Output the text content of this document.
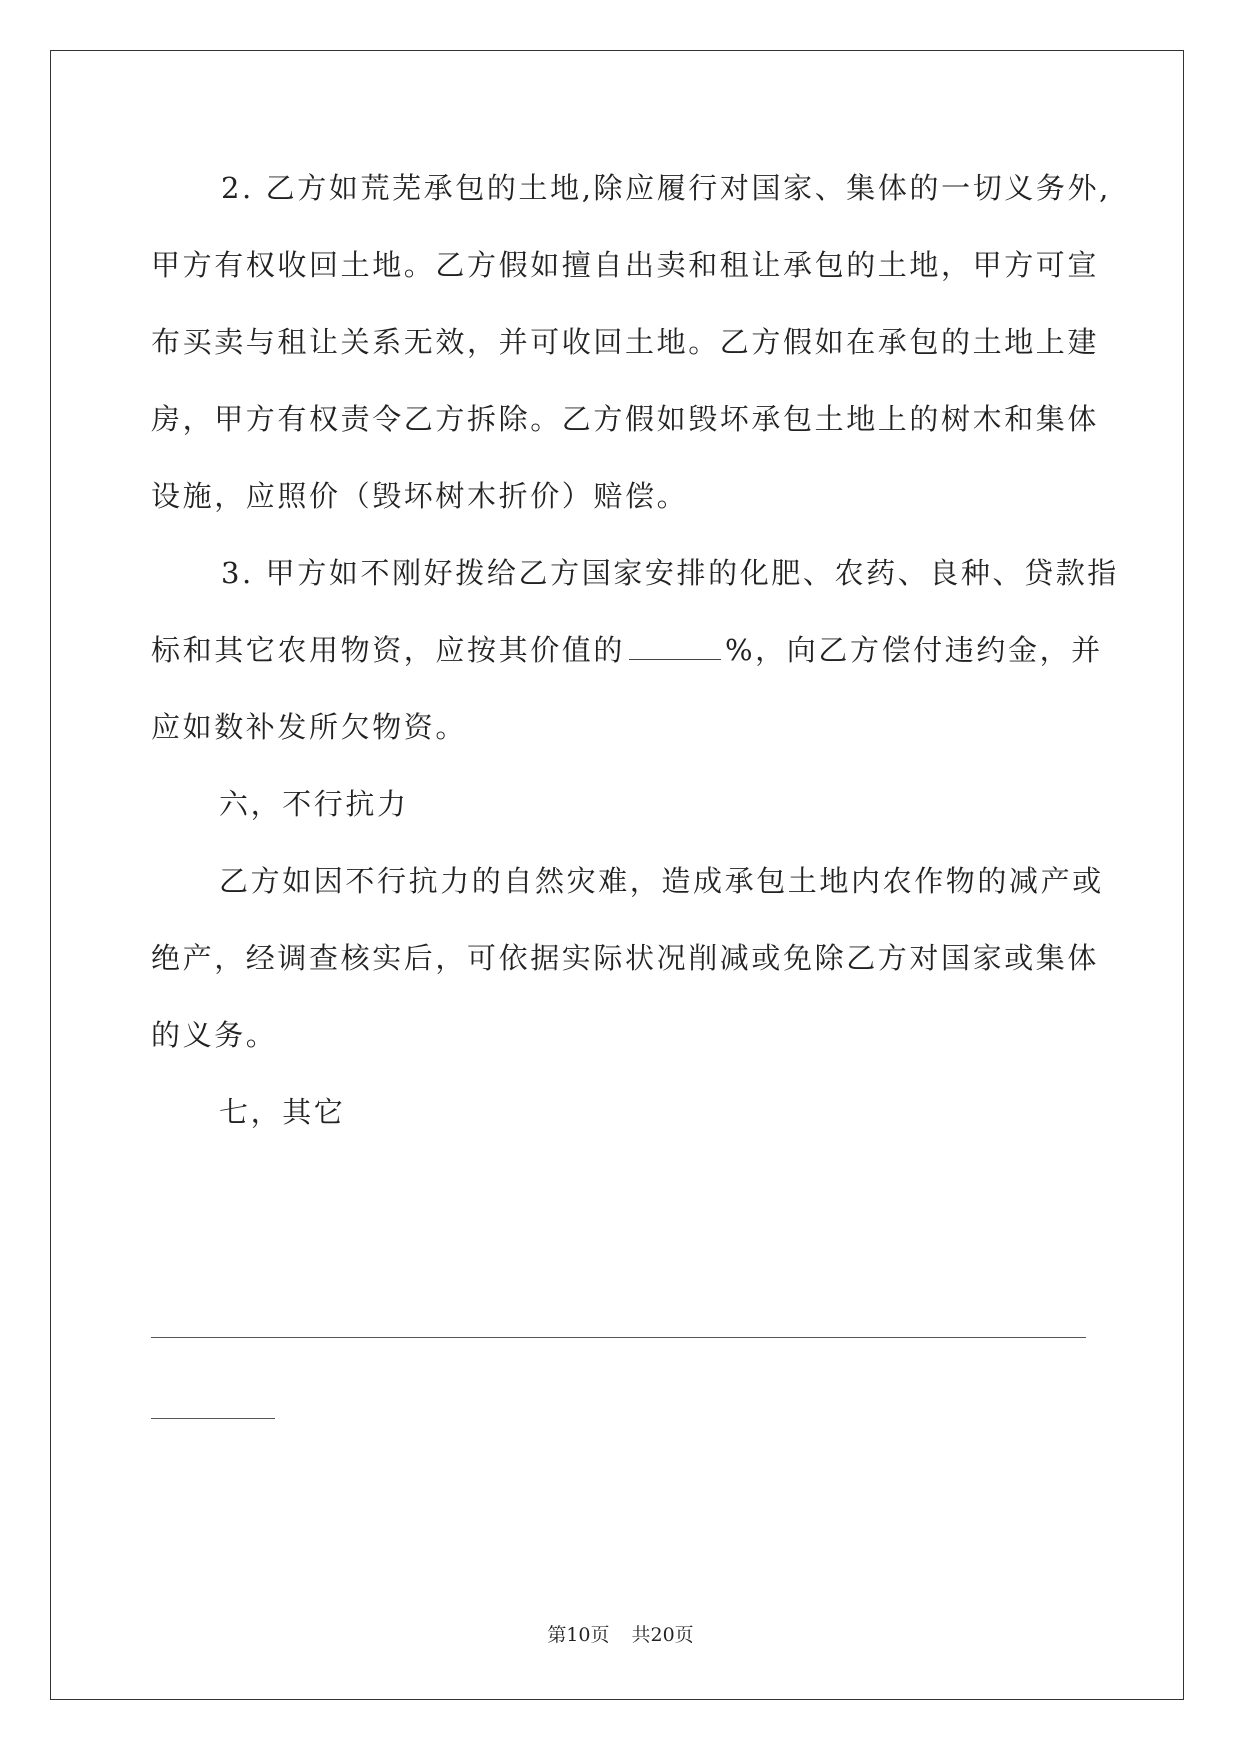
2. 乙方如荒芜承包的土地,除应履行对国家、集体的一切义务外,
甲方有权收回土地。乙方假如擅自出卖和租让承包的土地，甲方可宣
布买卖与租让关系无效，并可收回土地。乙方假如在承包的土地上建
房，甲方有权责令乙方拆除。乙方假如毁坏承包土地上的树木和集体
设施，应照价（毁坏树木折价）赔偿。
3. 甲方如不刚好拨给乙方国家安排的化肥、农药、良种、贷款指
标和其它农用物资，应按其价值的	%，向乙方偿付违约金，并
应如数补发所欠物资。
六，不行抗力
乙方如因不行抗力的自然灾难，造成承包土地内农作物的减产或
绝产，经调查核实后，可依据实际状况削减或免除乙方对国家或集体
的义务。
七，其它
第10页 共20页
